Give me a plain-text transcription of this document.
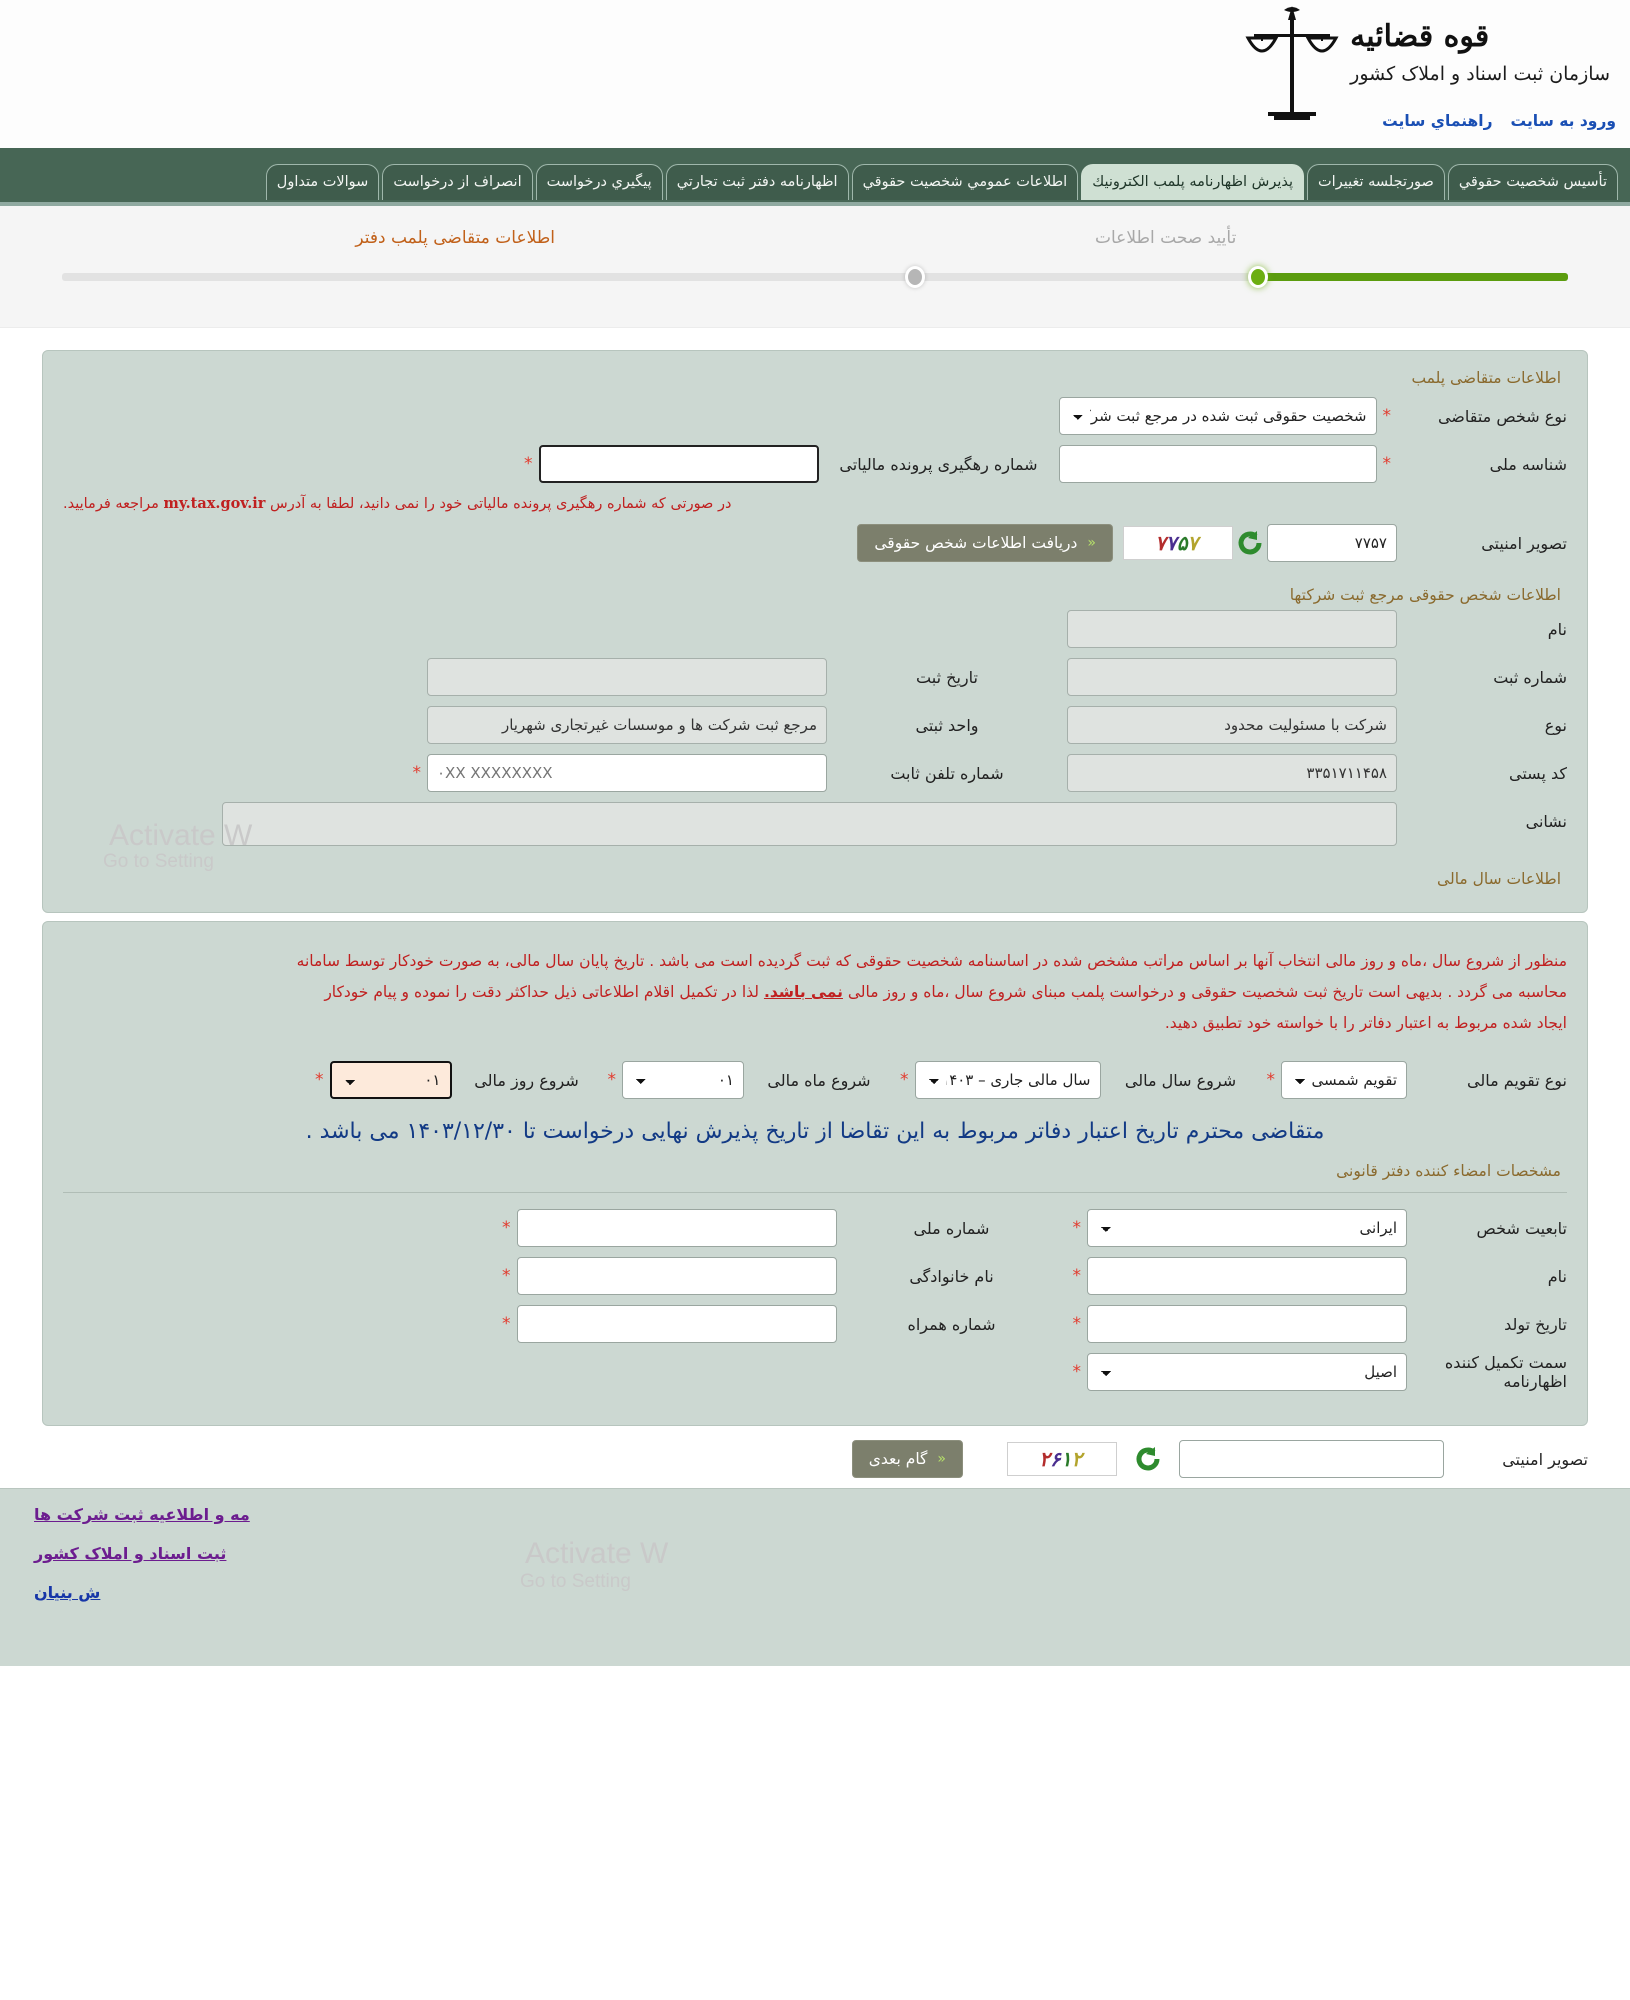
قوه قضائيه
سازمان ثبت اسناد و املاک کشور
ورود به سايت
راهنماي سايت
تأسيس شخصيت حقوقي
صورتجلسه تغييرات
پذيرش اظهارنامه پلمب الكترونيك
اطلاعات عمومي شخصيت حقوقي
اظهارنامه دفتر ثبت تجارتي
پيگيري درخواست
انصراف از درخواست
سوالات متداول
اطلاعات متقاضی پلمب دفتر	تأیید صحت اطلاعات
اطلاعات متقاضی پلمب
نوع شخص متقاضی
*
شخصیت حقوقی ثبت شده در مرجع ثبت شرکت
شناسه ملی
*
شماره رهگیری پرونده مالیاتی
*
در صورتی که شماره رهگیری پرونده مالیاتی خود را نمی دانید، لطفا به آدرس my.tax.gov.ir مراجعه فرمایید.
تصویر امنیتی
۷۷۵۷
۷۷۵۷
«
دریافت اطلاعات شخص حقوقی
اطلاعات شخص حقوقی مرجع ثبت شرکتها
نام

شماره ثبت

تاریخ ثبت

نوع
شرکت با مسئولیت محدود
واحد ثبتی
مرجع ثبت شرکت ها و موسسات غیرتجاری شهریار
کد پستی
۳۳۵۱۷۱۱۴۵۸
شماره تلفن ثابت
۰XX XXXXXXXX
*
نشانی

اطلاعات سال مالی
Activate W
Go to Setting
منظور از شروع سال ،ماه و روز مالی انتخاب آنها بر اساس مراتب مشخص شده در اساسنامه شخصیت حقوقی که ثبت گردیده است می باشد . تاریخ پایان سال مالی، به صورت خودکار توسط سامانه
محاسبه می گردد . بدیهی است تاریخ ثبت شخصیت حقوقی و درخواست پلمب مبنای شروع سال ،ماه و روز مالی نمی باشد. لذا در تکمیل اقلام اطلاعاتی ذیل حداکثر دقت را نموده و پیام خودکار
ایجاد شده مربوط به اعتبار دفاتر را با خواسته خود تطبیق دهید.
نوع تقویم مالی
تقویم شمسی
*
شروع سال مالی
سال مالی جاری – ۱۴۰۳
*
شروع ماه مالی
۰۱
*
شروع روز مالی
۰۱
*
متقاضی محترم تاریخ اعتبار دفاتر مربوط به این تقاضا از تاریخ پذیرش نهایی درخواست تا ۱۴۰۳/۱۲/۳۰ می باشد .
مشخصات امضاء کننده دفتر قانونی
تابعیت شخص
ایرانی
*
شماره ملی
*
نام
*
نام خانوادگی
*
تاریخ تولد
*
شماره همراه
*
سمت تکمیل کننده اظهارنامه
اصیل
*
تصویر امنیتی
۲۶۱۲
«
گام بعدی
مه و اطلاعیه ثبت شرکت ها
ثبت اسناد و املاک کشور
ش بنیان
Activate W
Go to Setting
